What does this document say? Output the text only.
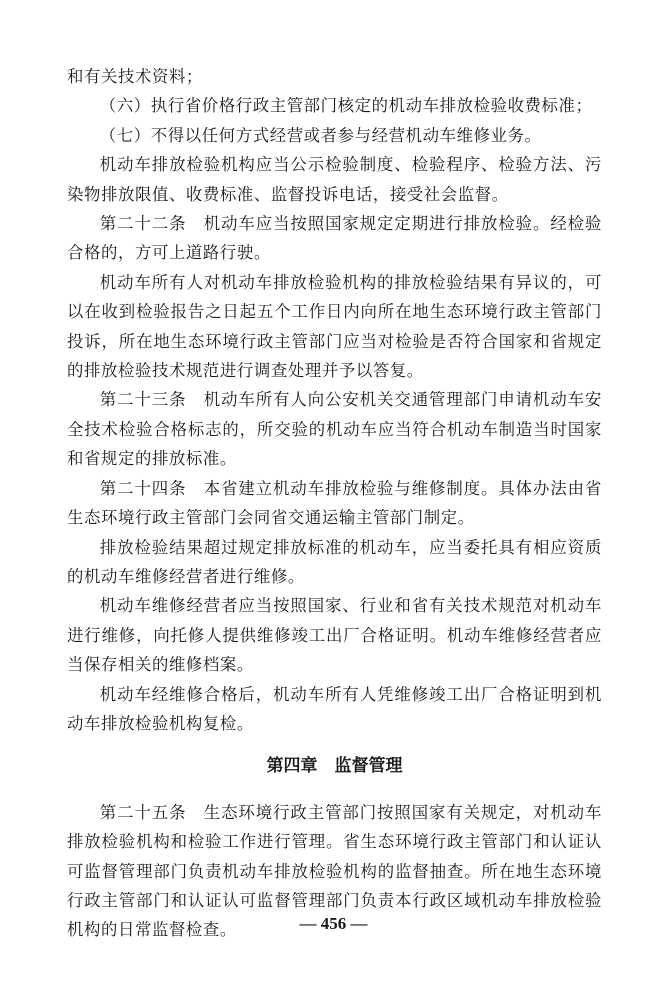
和有关技术资料；

（六）执行省价格行政主管部门核定的机动车排放检验收费标准；

（七）不得以任何方式经营或者参与经营机动车维修业务。

机动车排放检验机构应当公示检验制度、检验程序、检验方法、污染物排放限值、收费标准、监督投诉电话，接受社会监督。

第二十二条　机动车应当按照国家规定定期进行排放检验。经检验合格的，方可上道路行驶。

机动车所有人对机动车排放检验机构的排放检验结果有异议的，可以在收到检验报告之日起五个工作日内向所在地生态环境行政主管部门投诉，所在地生态环境行政主管部门应当对检验是否符合国家和省规定的排放检验技术规范进行调查处理并予以答复。

第二十三条　机动车所有人向公安机关交通管理部门申请机动车安全技术检验合格标志的，所交验的机动车应当符合机动车制造当时国家和省规定的排放标准。

第二十四条　本省建立机动车排放检验与维修制度。具体办法由省生态环境行政主管部门会同省交通运输主管部门制定。

排放检验结果超过规定排放标准的机动车，应当委托具有相应资质的机动车维修经营者进行维修。

机动车维修经营者应当按照国家、行业和省有关技术规范对机动车进行维修，向托修人提供维修竣工出厂合格证明。机动车维修经营者应当保存相关的维修档案。

机动车经维修合格后，机动车所有人凭维修竣工出厂合格证明到机动车排放检验机构复检。

第四章　监督管理

第二十五条　生态环境行政主管部门按照国家有关规定，对机动车排放检验机构和检验工作进行管理。省生态环境行政主管部门和认证认可监督管理部门负责机动车排放检验机构的监督抽查。所在地生态环境行政主管部门和认证认可监督管理部门负责本行政区域机动车排放检验机构的日常监督检查。	— 456 —
